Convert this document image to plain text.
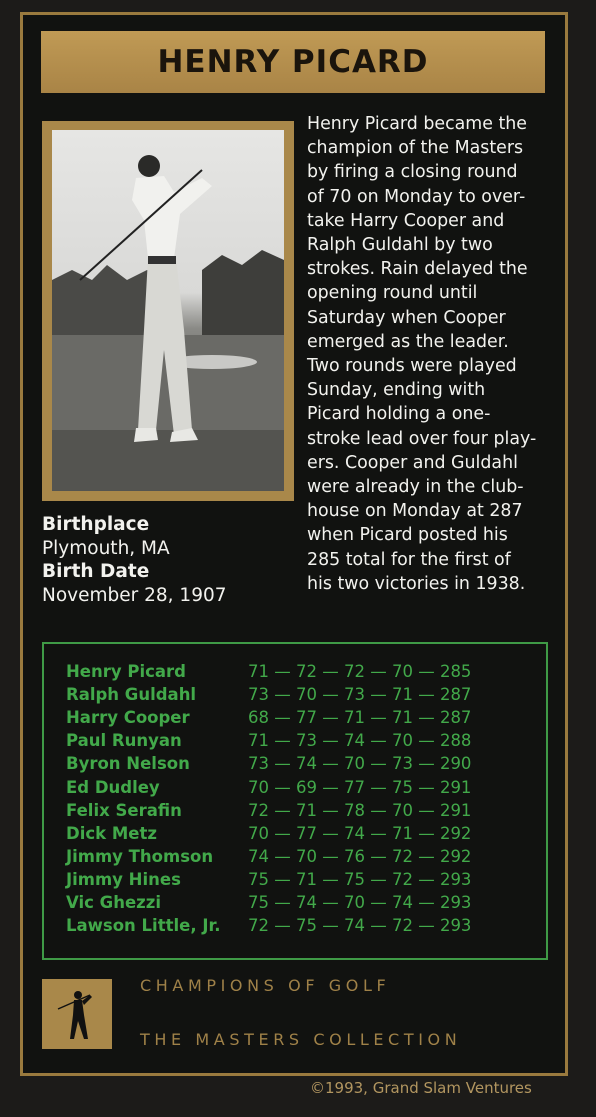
HENRY PICARD
Henry Picard became the
champion of the Masters
by firing a closing round
of 70 on Monday to over-
take Harry Cooper and
Ralph Guldahl by two
strokes. Rain delayed the
opening round until
Saturday when Cooper
emerged as the leader.
Two rounds were played
Sunday, ending with
Picard holding a one-
stroke lead over four play-
ers. Cooper and Guldahl
were already in the club-
house on Monday at 287
when Picard posted his
285 total for the first of
his two victories in 1938.
Birthplace
Plymouth, MA
Birth Date
November 28, 1907
Henry Picard	71 — 72 — 72 — 70 — 285
Ralph Guldahl	73 — 70 — 73 — 71 — 287
Harry Cooper	68 — 77 — 71 — 71 — 287
Paul Runyan	71 — 73 — 74 — 70 — 288
Byron Nelson	73 — 74 — 70 — 73 — 290
Ed Dudley	70 — 69 — 77 — 75 — 291
Felix Serafin	72 — 71 — 78 — 70 — 291
Dick Metz	70 — 77 — 74 — 71 — 292
Jimmy Thomson 74 — 70 — 76 — 72 — 292
Jimmy Hines	75 — 71 — 75 — 72 — 293
Vic Ghezzi	75 — 74 — 70 — 74 — 293
Lawson Little, Jr. 72 — 75 — 74 — 72 — 293
CHAMPIONS OF GOLF
THE MASTERS COLLECTION
©1993, Grand Slam Ventures
